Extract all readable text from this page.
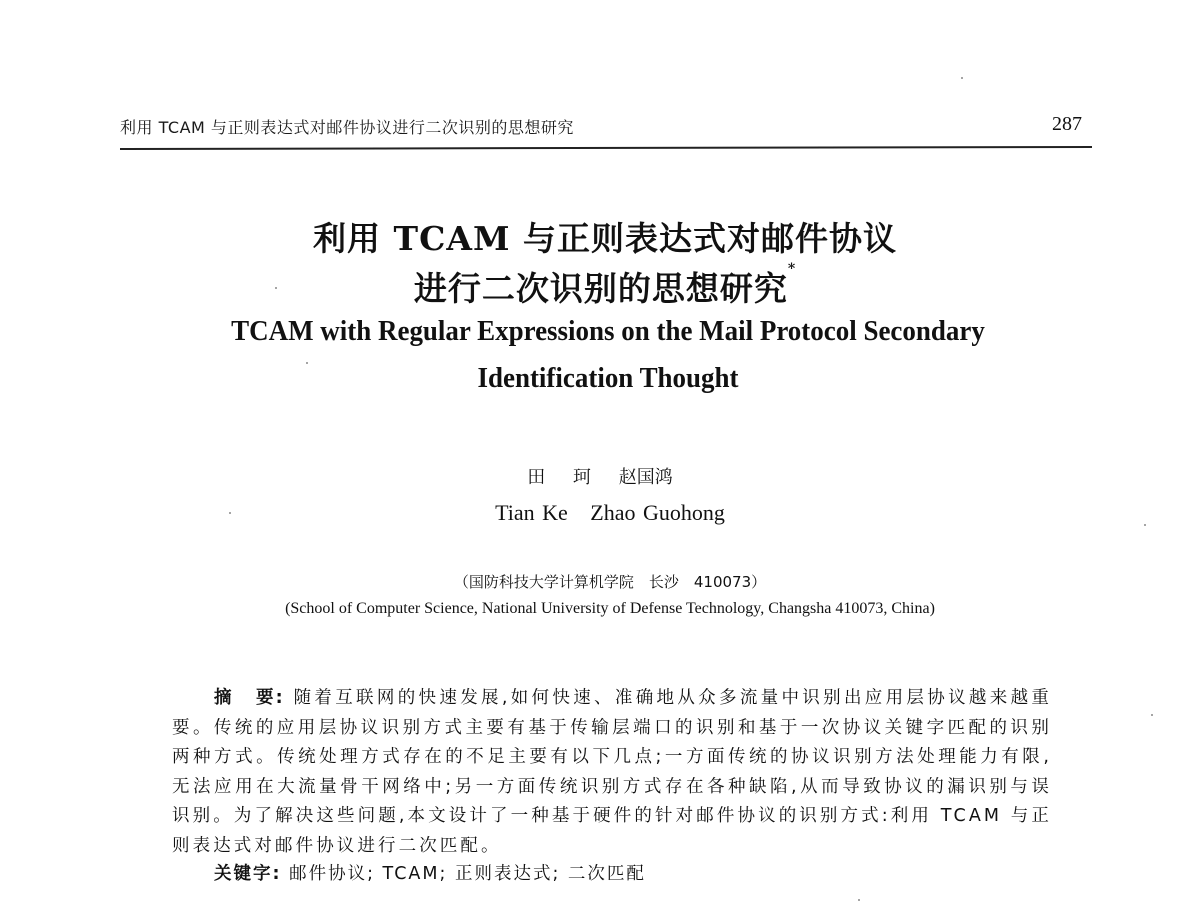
利用 TCAM 与正则表达式对邮件协议进行二次识别的思想研究	287
利用 TCAM 与正则表达式对邮件协议
进行二次识别的思想研究*
TCAM with Regular Expressions on the Mail Protocol Secondary
Identification Thought
田 珂 赵国鸿
Tian Ke   Zhao Guohong
（国防科技大学计算机学院　长沙　410073）
(School of Computer Science, National University of Defense Technology, Changsha 410073, China)

摘 要: 随着互联网的快速发展,如何快速、准确地从众多流量中识别出应用层协议越来越重要。传统的应用层协议识别方式主要有基于传输层端口的识别和基于一次协议关键字匹配的识别两种方式。传统处理方式存在的不足主要有以下几点;一方面传统的协议识别方法处理能力有限,无法应用在大流量骨干网络中;另一方面传统识别方式存在各种缺陷,从而导致协议的漏识别与误识别。为了解决这些问题,本文设计了一种基于硬件的针对邮件协议的识别方式:利用 TCAM 与正则表达式对邮件协议进行二次匹配。

关键字: 邮件协议; TCAM; 正则表达式; 二次匹配
